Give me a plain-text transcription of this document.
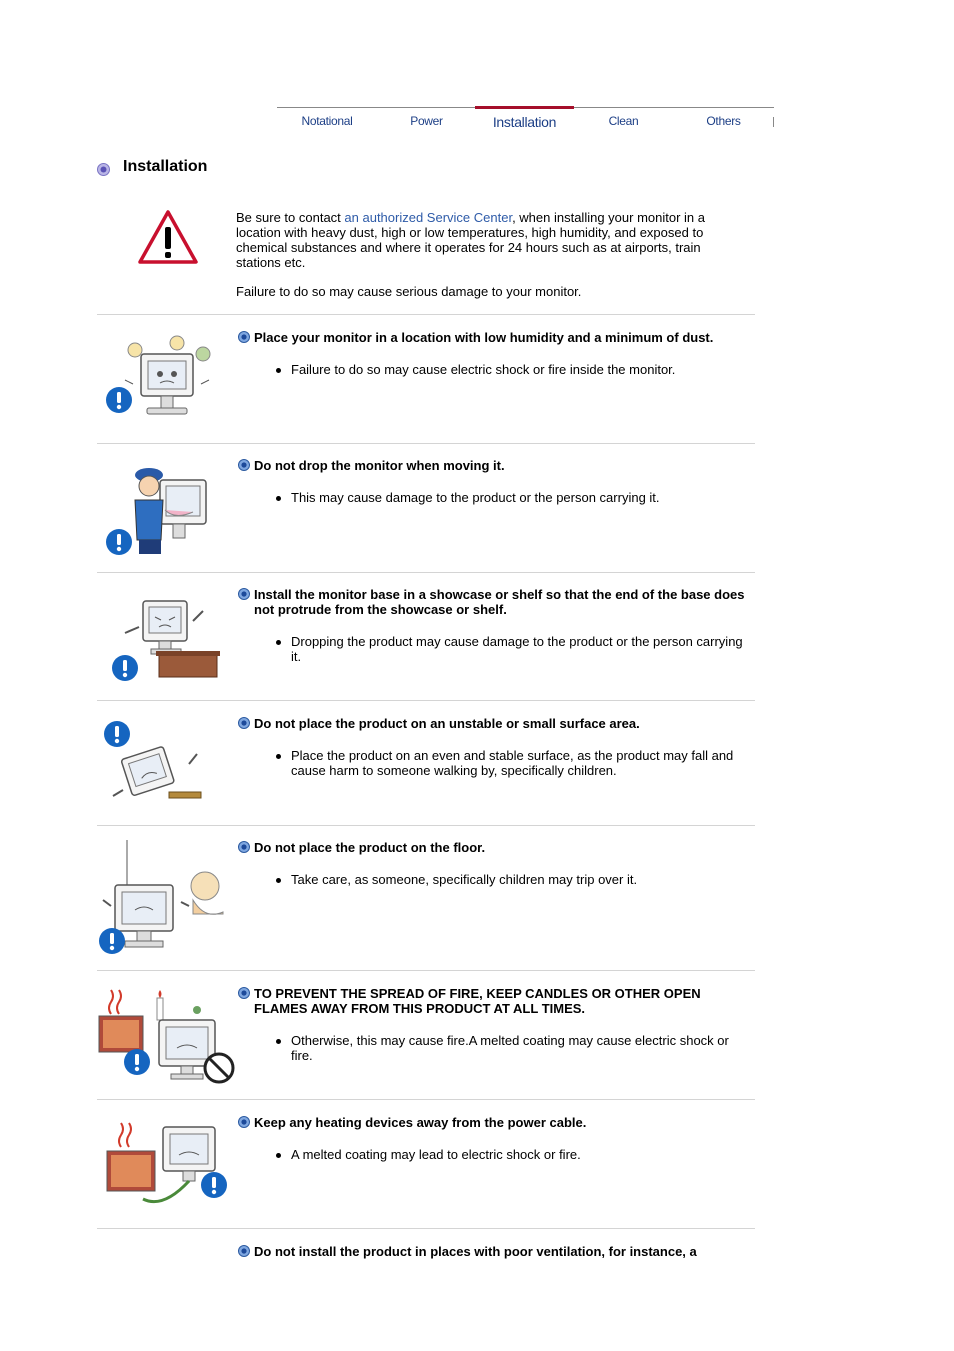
Notational	Power	Installation	Clean	Others
Installation

Be sure to contact an authorized Service Center, when installing your monitor in a location with heavy dust, high or low temperatures, high humidity, and exposed to chemical substances and where it operates for 24 hours such as at airports, train stations etc.

Failure to do so may cause serious damage to your monitor.

Place your monitor in a location with low humidity and a minimum of dust.
Failure to do so may cause electric shock or fire inside the monitor.
Do not drop the monitor when moving it.
This may cause damage to the product or the person carrying it.
Install the monitor base in a showcase or shelf so that the end of the base does not protrude from the showcase or shelf.
Dropping the product may cause damage to the product or the person carrying it.
Do not place the product on an unstable or small surface area.
Place the product on an even and stable surface, as the product may fall and cause harm to someone walking by, specifically children.
Do not place the product on the floor.
Take care, as someone, specifically children may trip over it.
TO PREVENT THE SPREAD OF FIRE, KEEP CANDLES OR OTHER OPEN FLAMES AWAY FROM THIS PRODUCT AT ALL TIMES.
Otherwise, this may cause fire.A melted coating may cause electric shock or fire.
Keep any heating devices away from the power cable.
A melted coating may lead to electric shock or fire.
Do not install the product in places with poor ventilation, for instance, a
